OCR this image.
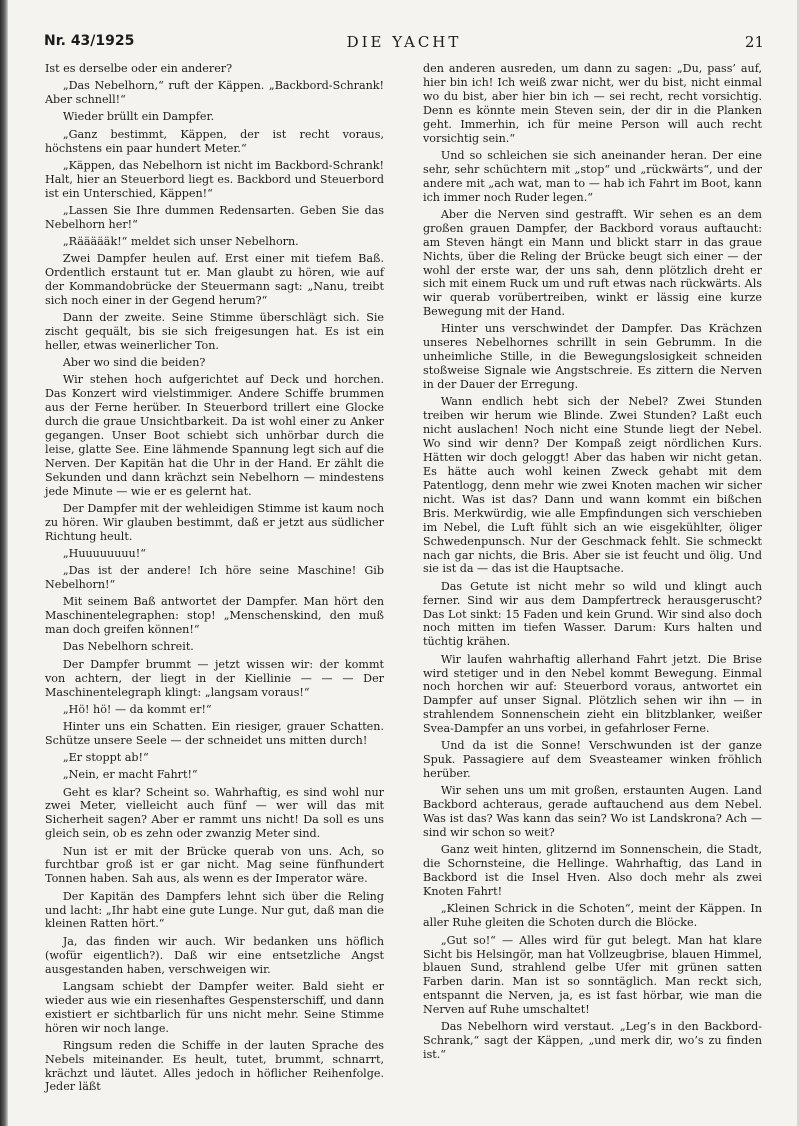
Nr. 43/1925	DIE YACHT	21

Ist es derselbe oder ein anderer?

„Das Nebelhorn,“ ruft der Käppen. „Backbord-Schrank! Aber schnell!“

Wieder brüllt ein Dampfer.

„Ganz bestimmt, Käppen, der ist recht voraus, höchstens ein paar hundert Meter.“

„Käppen, das Nebelhorn ist nicht im Backbord-Schrank! Halt, hier an Steuerbord liegt es. Backbord und Steuerbord ist ein Unterschied, Käppen!“

„Lassen Sie Ihre dummen Redensarten. Geben Sie das Nebelhorn her!“

„Räääääk!“ meldet sich unser Nebelhorn.

Zwei Dampfer heulen auf. Erst einer mit tiefem Baß. Ordentlich erstaunt tut er. Man glaubt zu hören, wie auf der Kommandobrücke der Steuermann sagt: „Nanu, treibt sich noch einer in der Gegend herum?“

Dann der zweite. Seine Stimme überschlägt sich. Sie zischt gequält, bis sie sich freigesungen hat. Es ist ein heller, etwas weinerlicher Ton.

Aber wo sind die beiden?

Wir stehen hoch aufgerichtet auf Deck und horchen. Das Konzert wird vielstimmiger. Andere Schiffe brummen aus der Ferne herüber. In Steuerbord trillert eine Glocke durch die graue Unsichtbarkeit. Da ist wohl einer zu Anker gegangen. Unser Boot schiebt sich unhörbar durch die leise, glatte See. Eine lähmende Spannung legt sich auf die Nerven. Der Kapitän hat die Uhr in der Hand. Er zählt die Sekunden und dann krächzt sein Nebelhorn — mindestens jede Minute — wie er es gelernt hat.

Der Dampfer mit der wehleidigen Stimme ist kaum noch zu hören. Wir glauben bestimmt, daß er jetzt aus südlicher Richtung heult.

„Huuuuuuuu!“

„Das ist der andere! Ich höre seine Maschine! Gib Nebelhorn!“

Mit seinem Baß antwortet der Dampfer. Man hört den Maschinentelegraphen: stop! „Menschenskind, den muß man doch greifen können!“

Das Nebelhorn schreit.

Der Dampfer brummt — jetzt wissen wir: der kommt von achtern, der liegt in der Kiellinie — — — Der Maschinentelegraph klingt: „langsam voraus!“

„Hö! hö! — da kommt er!“

Hinter uns ein Schatten. Ein riesiger, grauer Schatten. Schütze unsere Seele — der schneidet uns mitten durch!

„Er stoppt ab!“

„Nein, er macht Fahrt!“

Geht es klar? Scheint so. Wahrhaftig, es sind wohl nur zwei Meter, vielleicht auch fünf — wer will das mit Sicherheit sagen? Aber er rammt uns nicht! Da soll es uns gleich sein, ob es zehn oder zwanzig Meter sind.

Nun ist er mit der Brücke querab von uns. Ach, so furchtbar groß ist er gar nicht. Mag seine fünfhundert Tonnen haben. Sah aus, als wenn es der Imperator wäre.

Der Kapitän des Dampfers lehnt sich über die Reling und lacht: „Ihr habt eine gute Lunge. Nur gut, daß man die kleinen Ratten hört.“

Ja, das finden wir auch. Wir bedanken uns höflich (wofür eigentlich?). Daß wir eine entsetzliche Angst ausgestanden haben, verschweigen wir.

Langsam schiebt der Dampfer weiter. Bald sieht er wieder aus wie ein riesenhaftes Gespensterschiff, und dann existiert er sichtbarlich für uns nicht mehr. Seine Stimme hören wir noch lange.

Ringsum reden die Schiffe in der lauten Sprache des Nebels miteinander. Es heult, tutet, brummt, schnarrt, krächzt und läutet. Alles jedoch in höflicher Reihenfolge. Jeder läßt

den anderen ausreden, um dann zu sagen: „Du, pass’ auf, hier bin ich! Ich weiß zwar nicht, wer du bist, nicht einmal wo du bist, aber hier bin ich — sei recht, recht vorsichtig. Denn es könnte mein Steven sein, der dir in die Planken geht. Immerhin, ich für meine Person will auch recht vorsichtig sein.“

Und so schleichen sie sich aneinander heran. Der eine sehr, sehr schüchtern mit „stop“ und „rückwärts“, und der andere mit „ach wat, man to — hab ich Fahrt im Boot, kann ich immer noch Ruder legen.“

Aber die Nerven sind gestrafft. Wir sehen es an dem großen grauen Dampfer, der Backbord voraus auftaucht: am Steven hängt ein Mann und blickt starr in das graue Nichts, über die Reling der Brücke beugt sich einer — der wohl der erste war, der uns sah, denn plötzlich dreht er sich mit einem Ruck um und ruft etwas nach rückwärts. Als wir querab vorübertreiben, winkt er lässig eine kurze Bewegung mit der Hand.

Hinter uns verschwindet der Dampfer. Das Krächzen unseres Nebelhornes schrillt in sein Gebrumm. In die unheimliche Stille, in die Bewegungslosigkeit schneiden stoßweise Signale wie Angstschreie. Es zittern die Nerven in der Dauer der Erregung.

Wann endlich hebt sich der Nebel? Zwei Stunden treiben wir herum wie Blinde. Zwei Stunden? Laßt euch nicht auslachen! Noch nicht eine Stunde liegt der Nebel. Wo sind wir denn? Der Kompaß zeigt nördlichen Kurs. Hätten wir doch geloggt! Aber das haben wir nicht getan. Es hätte auch wohl keinen Zweck gehabt mit dem Patentlogg, denn mehr wie zwei Knoten machen wir sicher nicht. Was ist das? Dann und wann kommt ein bißchen Bris. Merkwürdig, wie alle Empfindungen sich verschieben im Nebel, die Luft fühlt sich an wie eisgekühlter, öliger Schwedenpunsch. Nur der Geschmack fehlt. Sie schmeckt nach gar nichts, die Bris. Aber sie ist feucht und ölig. Und sie ist da — das ist die Hauptsache.

Das Getute ist nicht mehr so wild und klingt auch ferner. Sind wir aus dem Dampfertreck herausgeruscht? Das Lot sinkt: 15 Faden und kein Grund. Wir sind also doch noch mitten im tiefen Wasser. Darum: Kurs halten und tüchtig krähen.

Wir laufen wahrhaftig allerhand Fahrt jetzt. Die Brise wird stetiger und in den Nebel kommt Bewegung. Einmal noch horchen wir auf: Steuerbord voraus, antwortet ein Dampfer auf unser Signal. Plötzlich sehen wir ihn — in strahlendem Sonnenschein zieht ein blitzblanker, weißer Svea-Dampfer an uns vorbei, in gefahrloser Ferne.

Und da ist die Sonne! Verschwunden ist der ganze Spuk. Passagiere auf dem Sveasteamer winken fröhlich herüber.

Wir sehen uns um mit großen, erstaunten Augen. Land Backbord achteraus, gerade auftauchend aus dem Nebel. Was ist das? Was kann das sein? Wo ist Landskrona? Ach — sind wir schon so weit?

Ganz weit hinten, glitzernd im Sonnenschein, die Stadt, die Schornsteine, die Hellinge. Wahrhaftig, das Land in Backbord ist die Insel Hven. Also doch mehr als zwei Knoten Fahrt!

„Kleinen Schrick in die Schoten“, meint der Käppen. In aller Ruhe gleiten die Schoten durch die Blöcke.

„Gut so!“ — Alles wird für gut belegt. Man hat klare Sicht bis Helsingör, man hat Vollzeugbrise, blauen Himmel, blauen Sund, strahlend gelbe Ufer mit grünen satten Farben darin. Man ist so sonntäglich. Man reckt sich, entspannt die Nerven, ja, es ist fast hörbar, wie man die Nerven auf Ruhe umschaltet!

Das Nebelhorn wird verstaut. „Leg’s in den Backbord-Schrank,“ sagt der Käppen, „und merk dir, wo’s zu finden ist.“
